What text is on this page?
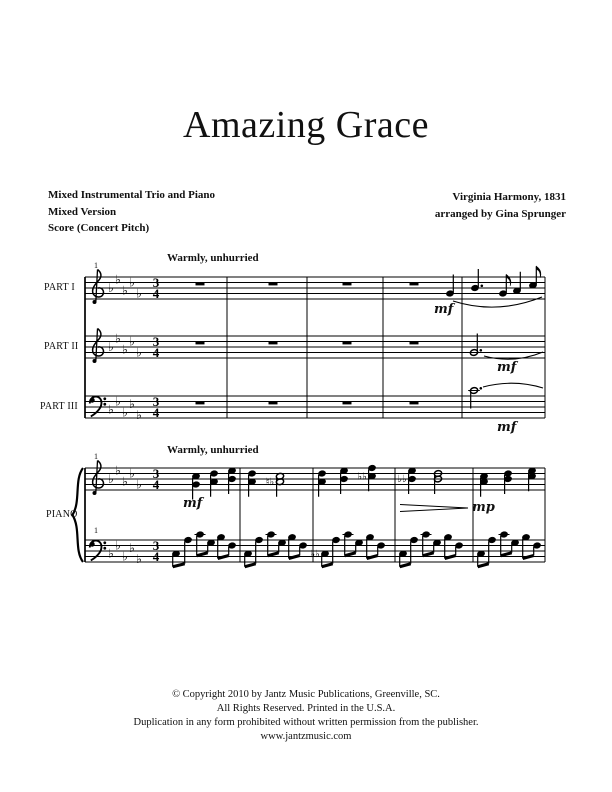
♭
♭
♭
♭
♭
3
4
♭
♭
♭
♭
♭
3
4
♭
♭
♭
♭
♭
3
4
♭
♭
♭
♭
♭
3
4	♮♭	♭♭	♭♭
♭
♭
♭
♭
♭
3
4	♭♭
Amazing Grace
Mixed Instrumental Trio and Piano
Mixed Version
Score (Concert Pitch)
Virginia Harmony, 1831
arranged by Gina Sprunger
Warmly, unhurried
Warmly, unhurried
1
1
1
PART I
PART II
PART III
PIANO
mf
mf
mf
mf	mp
© Copyright 2010 by Jantz Music Publications, Greenville, SC.
All Rights Reserved. Printed in the U.S.A.
Duplication in any form prohibited without written permission from the publisher.
www.jantzmusic.com
